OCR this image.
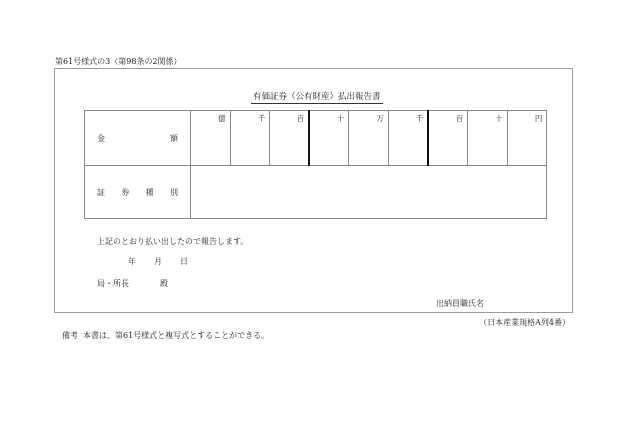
第61号様式の3（第98条の2関係）
有価証券（公有財産）払出報告書
金 額	億	千	百	十	万	千	百	十	円

証 券 種 別									

上記のとおり払い出したので報告します。
年 月 日
局・所長	殿
出納員職氏名
（日本産業規格A列4番）
備考 本書は、第61号様式と複写式とすることができる。
